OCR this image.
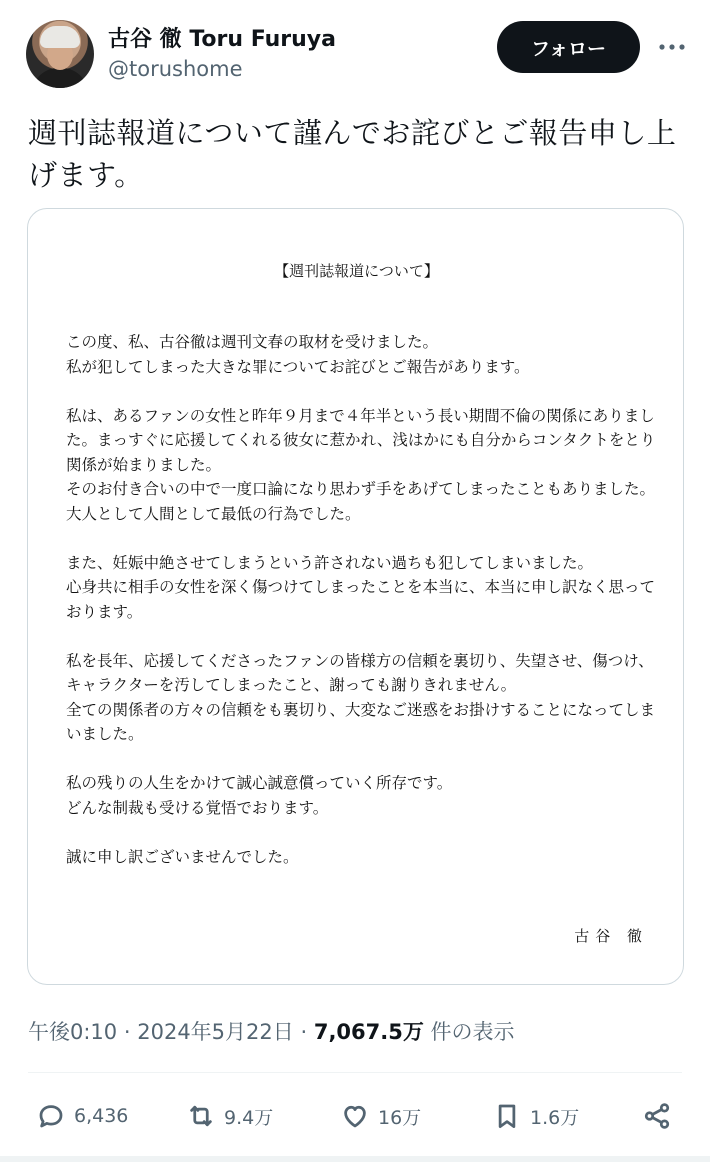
古谷 徹 Toru Furuya
@torushome
フォロー
週刊誌報道について謹んでお詫びとご報告申し上げます。
【週刊誌報道について】

この度、私、古谷徹は週刊文春の取材を受けました。
私が犯してしまった大きな罪についてお詫びとご報告があります。

私は、あるファンの女性と昨年９月まで４年半という長い期間不倫の関係にありました。まっすぐに応援してくれる彼女に惹かれ、浅はかにも自分からコンタクトをとり関係が始まりました。
そのお付き合いの中で一度口論になり思わず手をあげてしまったこともありました。
大人として人間として最低の行為でした。

また、妊娠中絶させてしまうという許されない過ちも犯してしまいました。
心身共に相手の女性を深く傷つけてしまったことを本当に、本当に申し訳なく思っております。

私を長年、応援してくださったファンの皆様方の信頼を裏切り、失望させ、傷つけ、キャラクターを汚してしまったこと、謝っても謝りきれません。
全ての関係者の方々の信頼をも裏切り、大変なご迷惑をお掛けすることになってしまいました。

私の残りの人生をかけて誠心誠意償っていく所存です。
どんな制裁も受ける覚悟でおります。

誠に申し訳ございませんでした。

古谷 徹
午後0:10 · 2024年5月22日 · 7,067.5万 件の表示
6,436	9.4万	16万	1.6万
